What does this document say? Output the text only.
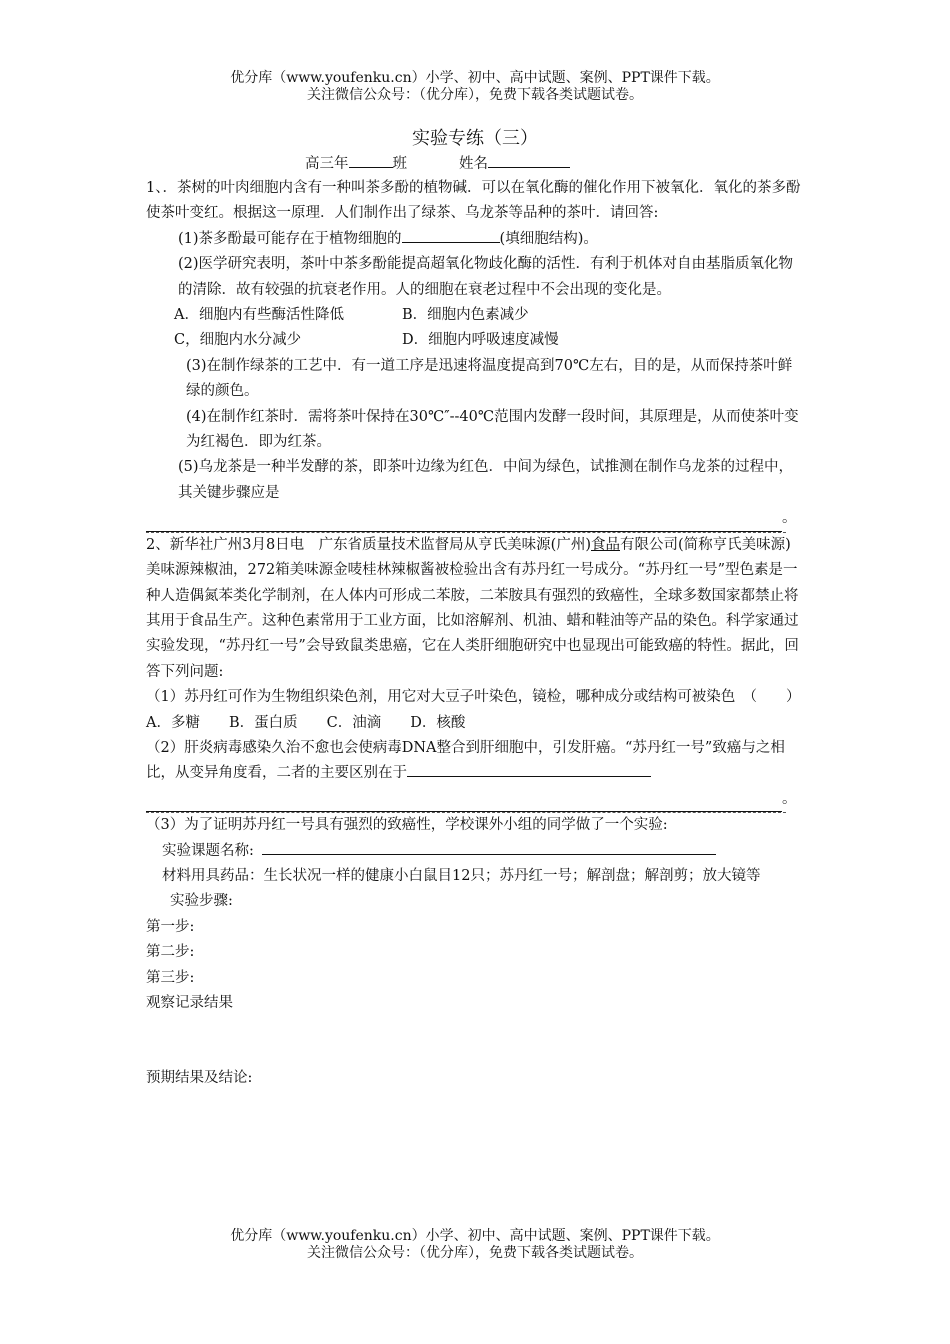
优分库（www.youfenku.cn）小学、初中、高中试题、案例、PPT课件下载。
关注微信公众号：（优分库），免费下载各类试题试卷。
实验专练（三）
高三年	班	姓名

1、．茶树的叶肉细胞内含有一种叫茶多酚的植物碱．可以在氧化酶的催化作用下被氧化．氧化的茶多酚使茶叶变红。根据这一原理．人们制作出了绿茶、乌龙茶等品种的茶叶．请回答:

(1)茶多酚最可能存在于植物细胞的	(填细胞结构)。

(2)医学研究表明，茶叶中茶多酚能提高超氧化物歧化酶的活性．有利于机体对自由基脂质氧化物的清除．故有较强的抗衰老作用。人的细胞在衰老过程中不会出现的变化是。

A．细胞内有些酶活性降低	B．细胞内色素减少
C，细胞内水分减少	D．细胞内呼吸速度减慢

(3)在制作绿茶的工艺中．有一道工序是迅速将温度提高到70℃左右，目的是，从而保持茶叶鲜绿的颜色。

(4)在制作红茶时．需将茶叶保持在30℃″--40℃范围内发酵一段时间，其原理是，从而使茶叶变为红褐色．即为红茶。

(5)乌龙茶是一种半发酵的茶，即茶叶边缘为红色．中间为绿色，试推测在制作乌龙茶的过程中，其关键步骤应是

。

2、新华社广州3月8日电　广东省质量技术监督局从亨氏美味源(广州)食品有限公司(简称亨氏美味源) 美味源辣椒油，272箱美味源金唛桂林辣椒酱被检验出含有苏丹红一号成分。“苏丹红一号”型色素是一种人造偶氮苯类化学制剂，在人体内可形成二苯胺，二苯胺具有强烈的致癌性，全球多数国家都禁止将其用于食品生产。这种色素常用于工业方面，比如溶解剂、机油、蜡和鞋油等产品的染色。科学家通过实验发现，“苏丹红一号”会导致鼠类患癌，它在人类肝细胞研究中也显现出可能致癌的特性。据此，回答下列问题:

（1）苏丹红可作为生物组织染色剂，用它对大豆子叶染色，镜检，哪种成分或结构可被染色　（　　）A．多糖　　B．蛋白质　　C．油滴　　D．核酸

（2）肝炎病毒感染久治不愈也会使病毒DNA整合到肝细胞中，引发肝癌。“苏丹红一号”致癌与之相比，从变异角度看，二者的主要区别在于

。

（3）为了证明苏丹红一号具有强烈的致癌性，学校课外小组的同学做了一个实验:

实验课题名称:

材料用具药品：生长状况一样的健康小白鼠目12只；苏丹红一号；解剖盘；解剖剪；放大镜等

实验步骤:

第一步:

第二步:

第三步:

观察记录结果

预期结果及结论:

优分库（www.youfenku.cn）小学、初中、高中试题、案例、PPT课件下载。
关注微信公众号：（优分库），免费下载各类试题试卷。
